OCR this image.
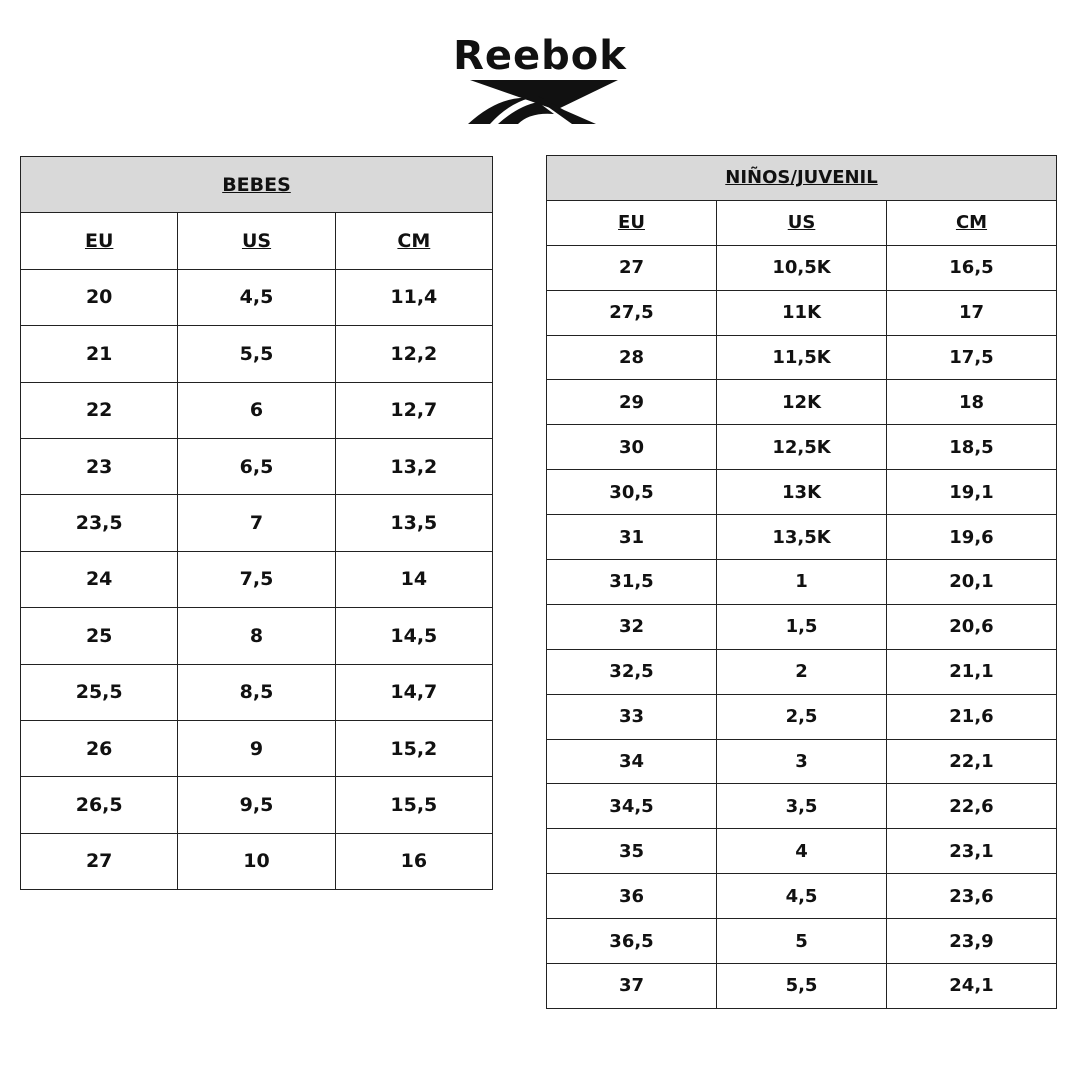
Reebok
BEBES		
EU	US	CM
20	4,5	11,4
21	5,5	12,2
22	6	12,7
23	6,5	13,2
23,5	7	13,5
24	7,5	14
25	8	14,5
25,5	8,5	14,7
26	9	15,2
26,5	9,5	15,5
27	10	16
NIÑOS/JUVENIL		
EU	US	CM
27	10,5K	16,5
27,5	11K	17
28	11,5K	17,5
29	12K	18
30	12,5K	18,5
30,5	13K	19,1
31	13,5K	19,6
31,5	1	20,1
32	1,5	20,6
32,5	2	21,1
33	2,5	21,6
34	3	22,1
34,5	3,5	22,6
35	4	23,1
36	4,5	23,6
36,5	5	23,9
37	5,5	24,1
